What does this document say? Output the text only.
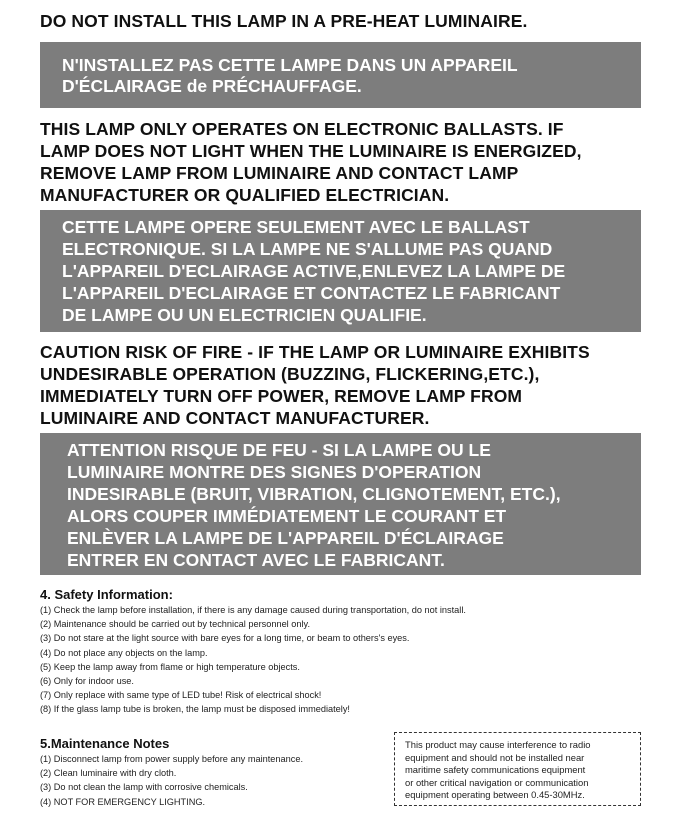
DO NOT INSTALL THIS LAMP IN A PRE-HEAT LUMINAIRE.
N'INSTALLEZ PAS CETTE LAMPE DANS UN APPAREIL
D'ÉCLAIRAGE de PRÉCHAUFFAGE.
THIS LAMP ONLY OPERATES ON ELECTRONIC BALLASTS. IF
LAMP DOES NOT LIGHT WHEN THE LUMINAIRE IS ENERGIZED,
REMOVE LAMP FROM LUMINAIRE AND CONTACT LAMP
MANUFACTURER OR QUALIFIED ELECTRICIAN.
CETTE LAMPE OPERE SEULEMENT AVEC LE BALLAST
ELECTRONIQUE. SI LA LAMPE NE S'ALLUME PAS QUAND
L'APPAREIL D'ECLAIRAGE ACTIVE,ENLEVEZ LA LAMPE DE
L'APPAREIL D'ECLAIRAGE ET CONTACTEZ LE FABRICANT
DE LAMPE OU UN ELECTRICIEN QUALIFIE.
CAUTION RISK OF FIRE - IF THE LAMP OR LUMINAIRE EXHIBITS
UNDESIRABLE OPERATION (BUZZING, FLICKERING,ETC.),
IMMEDIATELY TURN OFF POWER, REMOVE LAMP FROM
LUMINAIRE AND CONTACT MANUFACTURER.
ATTENTION RISQUE DE FEU - SI LA LAMPE OU LE
LUMINAIRE MONTRE DES SIGNES D'OPERATION
INDESIRABLE (BRUIT, VIBRATION, CLIGNOTEMENT, ETC.),
ALORS COUPER IMMÉDIATEMENT LE COURANT ET
ENLÈVER LA LAMPE DE L'APPAREIL D'ÉCLAIRAGE
ENTRER EN CONTACT AVEC LE FABRICANT.
4. Safety Information:
(1) Check the lamp before installation, if there is any damage caused during transportation, do not install.
(2) Maintenance should be carried out by technical personnel only.
(3) Do not stare at the light source with bare eyes for a long time, or beam to others's eyes.
(4) Do not place any objects on the lamp.
(5) Keep the lamp away from flame or high temperature objects.
(6) Only for indoor use.
(7) Only replace with same type of LED tube! Risk of electrical shock!
(8) If the glass lamp tube is broken, the lamp must be disposed immediately!
5.Maintenance Notes
(1) Disconnect lamp from power supply before any maintenance.
(2) Clean luminaire with dry cloth.
(3) Do not clean the lamp with corrosive chemicals.
(4) NOT FOR EMERGENCY LIGHTING.
This product may cause interference to radio
equipment and should not be installed near
maritime safety communications equipment
or other critical navigation or communication
equipment operating between 0.45-30MHz.
